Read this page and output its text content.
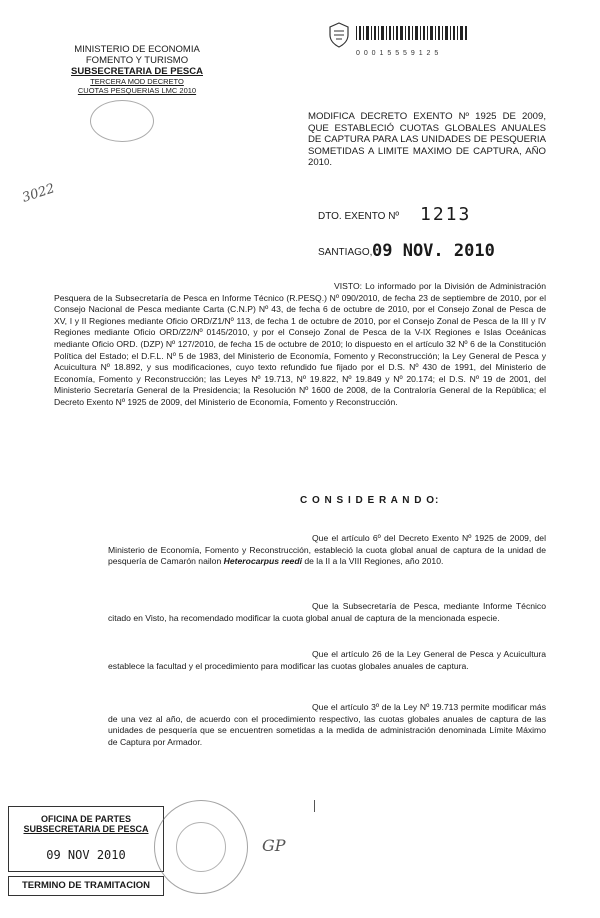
MINISTERIO DE ECONOMIA
FOMENTO Y TURISMO
SUBSECRETARIA DE PESCA
TERCERA MOD DECRETO
CUOTAS PESQUERIAS LMC 2010
3022
0 0 0 1 5 5 5 9 1 2 5
MODIFICA DECRETO EXENTO Nº 1925 DE 2009, QUE ESTABLECIÓ CUOTAS GLOBALES ANUALES DE CAPTURA PARA LAS UNIDADES DE PESQUERIA SOMETIDAS A LIMITE MAXIMO DE CAPTURA, AÑO 2010.
DTO. EXENTO Nº 1213
SANTIAGO, 09 NOV. 2010
VISTO: Lo informado por la División de Administración Pesquera de la Subsecretaría de Pesca en Informe Técnico (R.PESQ.) Nº 090/2010, de fecha 23 de septiembre de 2010, por el Consejo Nacional de Pesca mediante Carta (C.N.P) Nº 43, de fecha 6 de octubre de 2010, por el Consejo Zonal de Pesca de XV, I y II Regiones mediante Oficio ORD/Z1/Nº 113, de fecha 1 de octubre de 2010, por el Consejo Zonal de Pesca de la III y IV Regiones mediante Oficio ORD/Z2/Nº 0145/2010, y por el Consejo Zonal de Pesca de la V-IX Regiones e Islas Oceánicas mediante Oficio ORD. (DZP) Nº 127/2010, de fecha 15 de octubre de 2010; lo dispuesto en el artículo 32 Nº 6 de la Constitución Política del Estado; el D.F.L. Nº 5 de 1983, del Ministerio de Economía, Fomento y Reconstrucción; la Ley General de Pesca y Acuicultura Nº 18.892, y sus modificaciones, cuyo texto refundido fue fijado por el D.S. Nº 430 de 1991, del Ministerio de Economía, Fomento y Reconstrucción; las Leyes Nº 19.713, Nº 19.822, Nº 19.849 y Nº 20.174; el D.S. Nº 19 de 2001, del Ministerio Secretaría General de la Presidencia; la Resolución Nº 1600 de 2008, de la Contraloría General de la República; el Decreto Exento Nº 1925 de 2009, del Ministerio de Economía, Fomento y Reconstrucción.
C O N S I D E R A N D O:
Que el artículo 6º del Decreto Exento Nº 1925 de 2009, del Ministerio de Economía, Fomento y Reconstrucción, estableció la cuota global anual de captura de la unidad de pesquería de Camarón nailon Heterocarpus reedi de la II a la VIII Regiones, año 2010.
Que la Subsecretaría de Pesca, mediante Informe Técnico citado en Visto, ha recomendado modificar la cuota global anual de captura de la mencionada especie.
Que el artículo 26 de la Ley General de Pesca y Acuicultura establece la facultad y el procedimiento para modificar las cuotas globales anuales de captura.
Que el artículo 3º de la Ley Nº 19.713 permite modificar más de una vez al año, de acuerdo con el procedimiento respectivo, las cuotas globales anuales de captura de las unidades de pesquería que se encuentren sometidas a la medida de administración denominada Límite Máximo de Captura por Armador.
OFICINA DE PARTES
SUBSECRETARIA DE PESCA
09 NOV 2010
TERMINO DE TRAMITACION
GP
